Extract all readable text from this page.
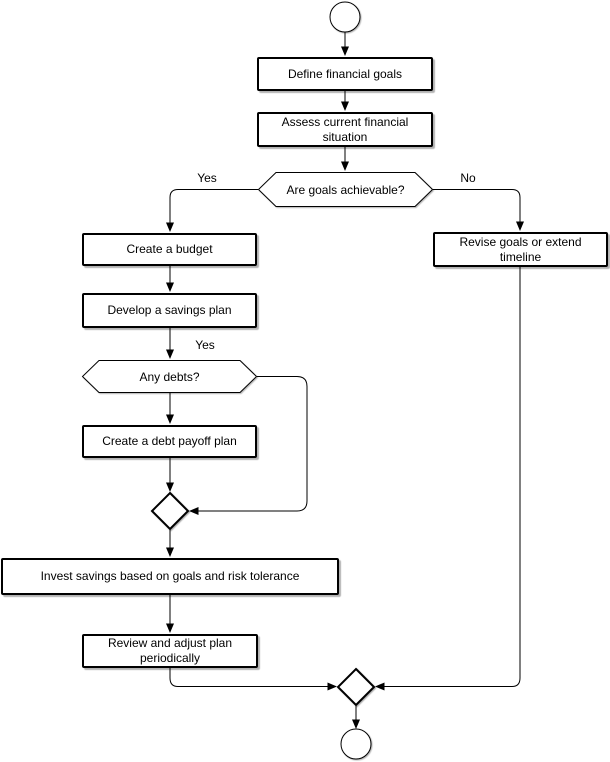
Define financial goals
Assess current financial situation
Create a budget
Revise goals or extend timeline
Develop a savings plan
Create a debt payoff plan
Invest savings based on goals and risk tolerance
Review and adjust plan periodically
Are goals achievable?
Any debts?
Yes	No
Yes
